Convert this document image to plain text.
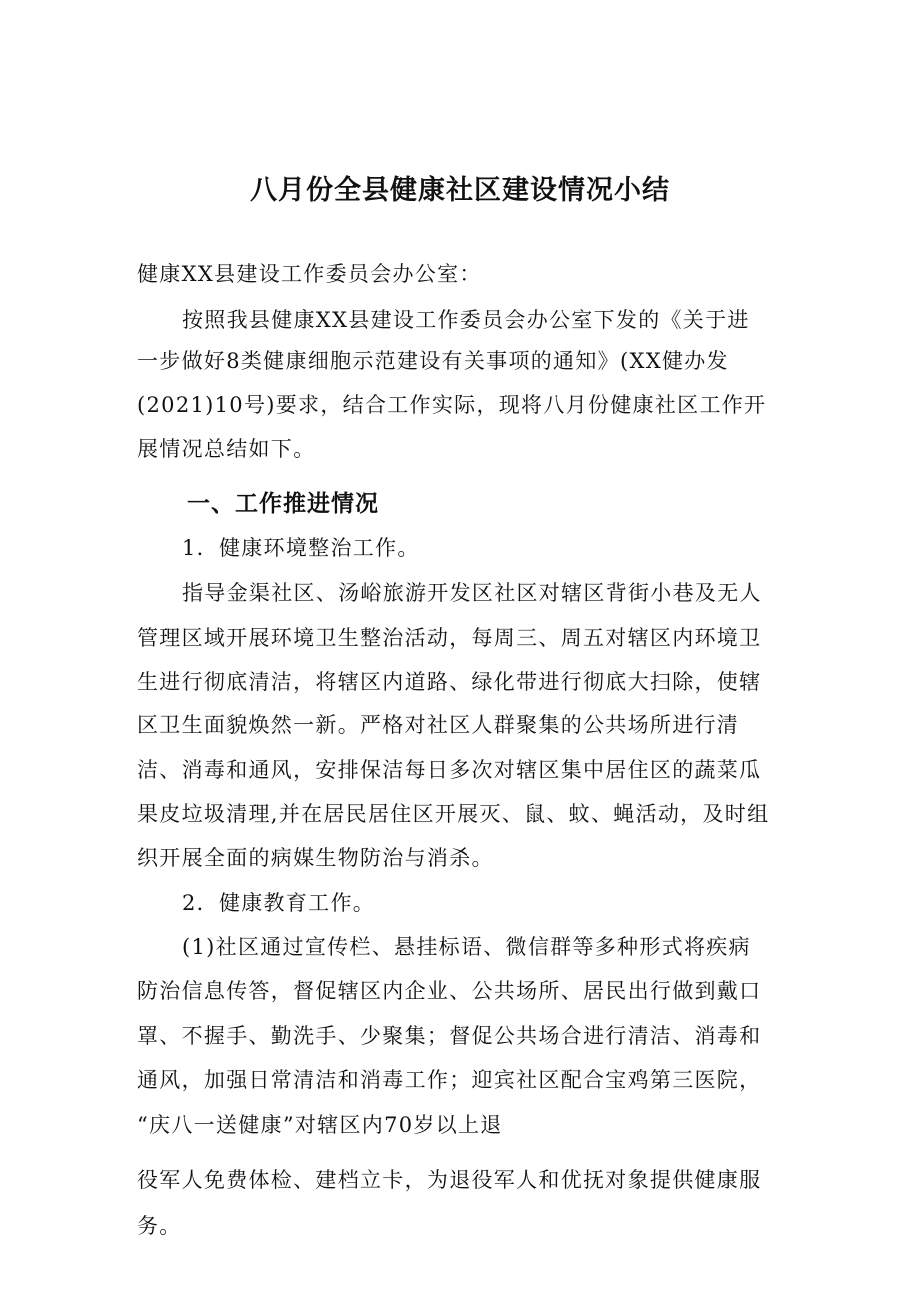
八月份全县健康社区建设情况小结

健康XX县建设工作委员会办公室：

按照我县健康XX县建设工作委员会办公室下发的《关于进

一步做好8类健康细胞示范建设有关事项的通知》(XX健办发

(2021)10号)要求，结合工作实际，现将八月份健康社区工作开

展情况总结如下。

一、工作推进情况

1．健康环境整治工作。

指导金渠社区、汤峪旅游开发区社区对辖区背街小巷及无人

管理区域开展环境卫生整治活动，每周三、周五对辖区内环境卫

生进行彻底清洁，将辖区内道路、绿化带进行彻底大扫除，使辖

区卫生面貌焕然一新。严格对社区人群聚集的公共场所进行清

洁、消毒和通风，安排保洁每日多次对辖区集中居住区的蔬菜瓜

果皮垃圾清理,并在居民居住区开展灭、鼠、蚊、蝇活动，及时组

织开展全面的病媒生物防治与消杀。

2．健康教育工作。

(1)社区通过宣传栏、悬挂标语、微信群等多种形式将疾病

防治信息传答，督促辖区内企业、公共场所、居民出行做到戴口

罩、不握手、勤洗手、少聚集；督促公共场合进行清洁、消毒和

通风，加强日常清洁和消毒工作；迎宾社区配合宝鸡第三医院，

“庆八一送健康”对辖区内70岁以上退

役军人免费体检、建档立卡，为退役军人和优抚对象提供健康服

务。
